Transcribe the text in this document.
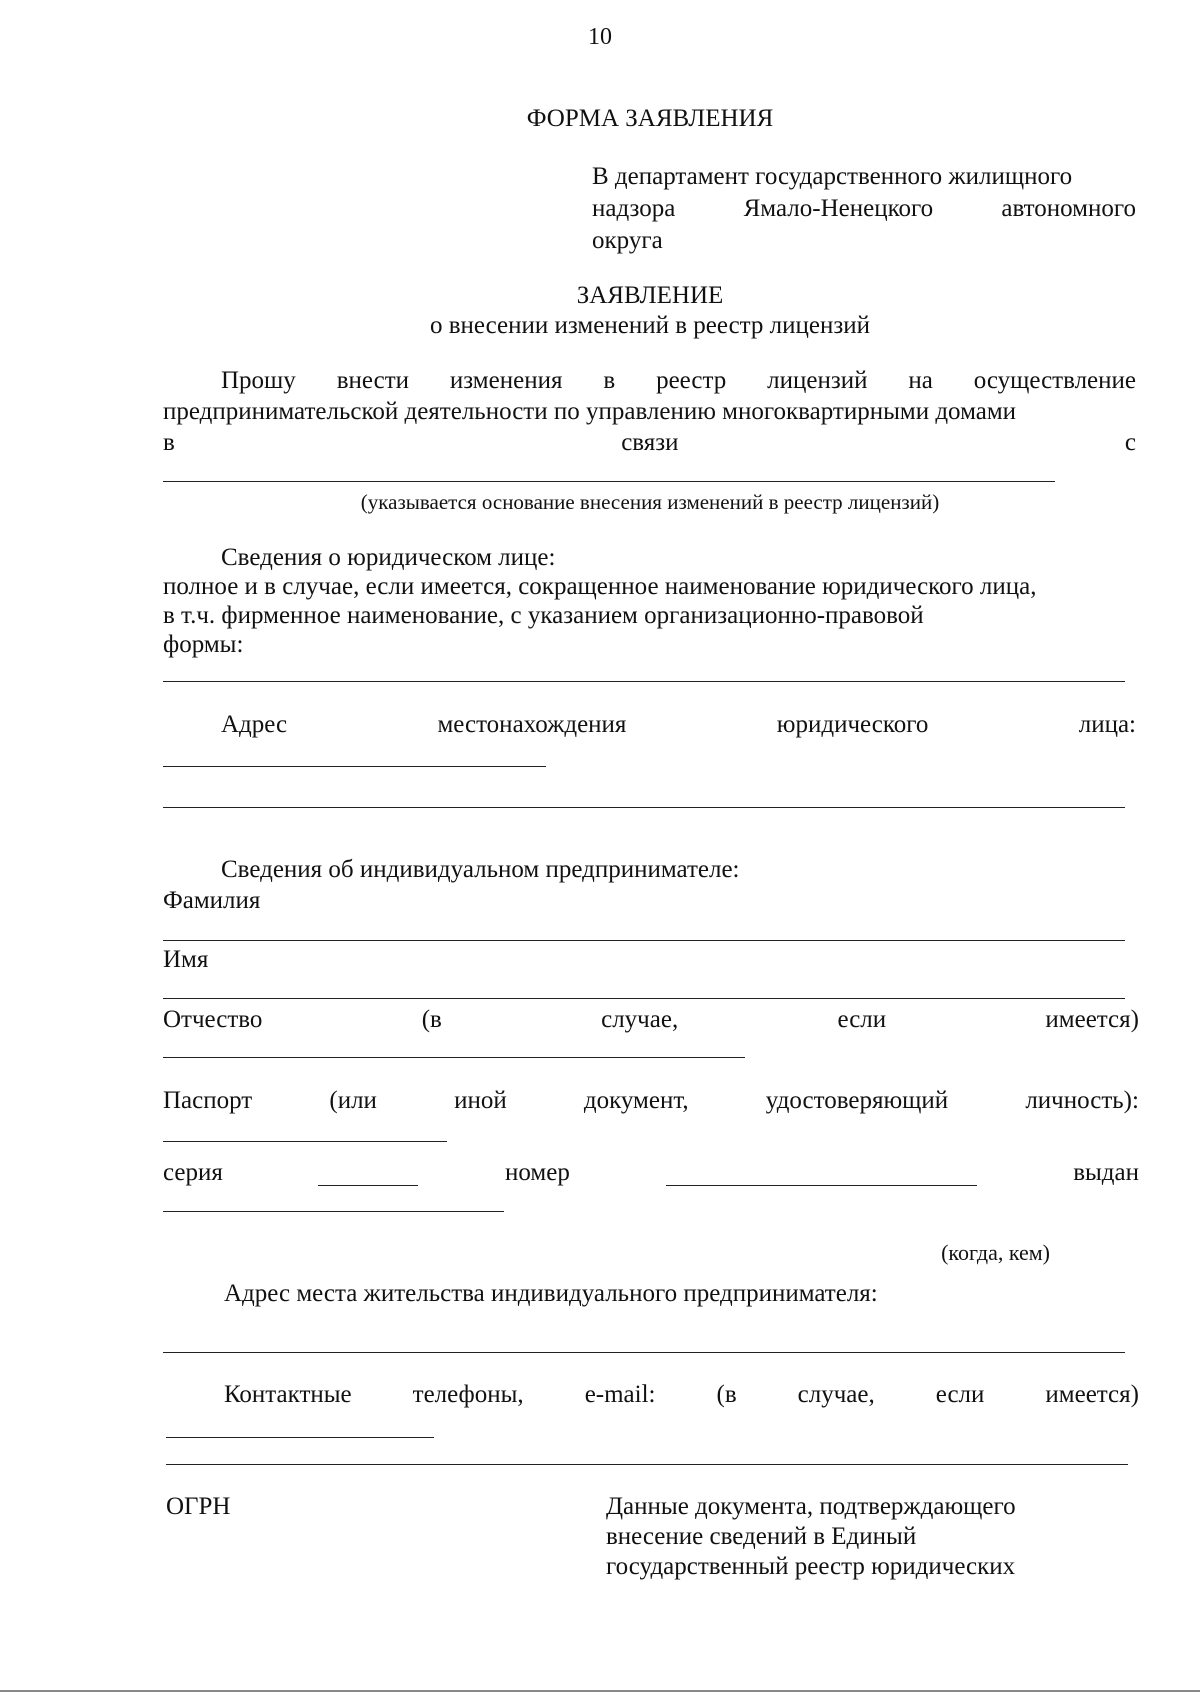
10
ФОРМА ЗАЯВЛЕНИЯ
В департамент государственного жилищного
надзора	Ямало-Ненецкого	автономного
округа
ЗАЯВЛЕНИЕ
о внесении изменений в реестр лицензий
Прошу внести изменения в реестр лицензий на осуществление
предпринимательской деятельности по управлению многоквартирными домами
в	связи	с
(указывается основание внесения изменений в реестр лицензий)
Сведения о юридическом лице:
полное и в случае, если имеется, сокращенное наименование юридического лица,
в т.ч. фирменное наименование, с указанием организационно-правовой
формы:
Адрес	местонахождения	юридического	лица:
Сведения об индивидуальном предпринимателе:
Фамилия
Имя
Отчество	(в	случае,	если	имеется)
Паспорт	(или	иной	документ,	удостоверяющий	личность):
серия	номер	выдан
(когда, кем)
Адрес места жительства индивидуального предпринимателя:
Контактные телефоны, e-mail: (в случае, если имеется)
ОГРН	Данные документа, подтверждающего
внесение сведений в Единый
государственный реестр юридических
